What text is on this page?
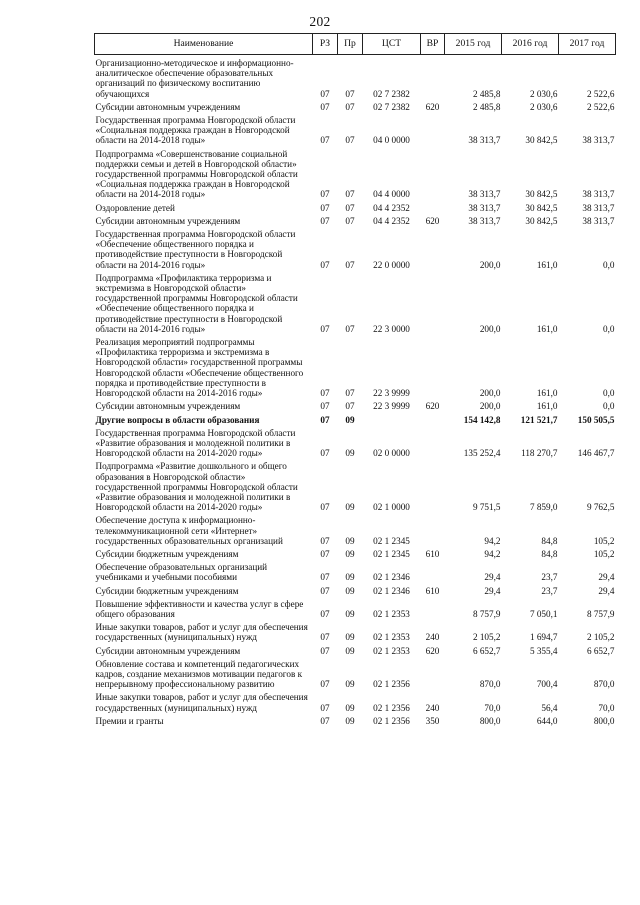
202
Наименование	РЗ	Пр	ЦСТ	ВР	2015 год	2016 год	2017 год
Организационно-методическое и информационно-аналитическое обеспечение образовательных организаций по физическому воспитанию обучающихся	07	07	02 7 2382		2 485,8	2 030,6	2 522,6
Субсидии автономным учреждениям	07	07	02 7 2382	620	2 485,8	2 030,6	2 522,6
Государственная программа Новгородской области «Социальная поддержка граждан в Новгородской области на 2014-2018 годы»	07	07	04 0 0000		38 313,7	30 842,5	38 313,7
Подпрограмма «Совершенствование социальной поддержки семьи и детей в Новгородской области» государственной программы Новгородской области «Социальная поддержка граждан в Новгородской области на 2014-2018 годы»	07	07	04 4 0000		38 313,7	30 842,5	38 313,7
Оздоровление детей	07	07	04 4 2352		38 313,7	30 842,5	38 313,7
Субсидии автономным учреждениям	07	07	04 4 2352	620	38 313,7	30 842,5	38 313,7
Государственная программа Новгородской области «Обеспечение общественного порядка и противодействие преступности в Новгородской области на 2014-2016 годы»	07	07	22 0 0000		200,0	161,0	0,0
Подпрограмма «Профилактика терроризма и экстремизма в Новгородской области» государственной программы Новгородской области «Обеспечение общественного порядка и противодействие преступности в Новгородской области на 2014-2016 годы»	07	07	22 3 0000		200,0	161,0	0,0
Реализация мероприятий подпрограммы «Профилактика терроризма и экстремизма в Новгородской области» государственной программы Новгородской области «Обеспечение общественного порядка и противодействие преступности в Новгородской области на 2014-2016 годы»	07	07	22 3 9999		200,0	161,0	0,0
Субсидии автономным учреждениям	07	07	22 3 9999	620	200,0	161,0	0,0
Другие вопросы в области образования	07	09			154 142,8	121 521,7	150 505,5
Государственная программа Новгородской области «Развитие образования и молодежной политики в Новгородской области на 2014-2020 годы»	07	09	02 0 0000		135 252,4	118 270,7	146 467,7
Подпрограмма «Развитие дошкольного и общего образования в Новгородской области» государственной программы Новгородской области «Развитие образования и молодежной политики в Новгородской области на 2014-2020 годы»	07	09	02 1 0000		9 751,5	7 859,0	9 762,5
Обеспечение доступа к информационно-телекоммуникационной сети «Интернет» государственных образовательных организаций	07	09	02 1 2345		94,2	84,8	105,2
Субсидии бюджетным учреждениям	07	09	02 1 2345	610	94,2	84,8	105,2
Обеспечение образовательных организаций учебниками и учебными пособиями	07	09	02 1 2346		29,4	23,7	29,4
Субсидии бюджетным учреждениям	07	09	02 1 2346	610	29,4	23,7	29,4
Повышение эффективности и качества услуг в сфере общего образования	07	09	02 1 2353		8 757,9	7 050,1	8 757,9
Иные закупки товаров, работ и услуг для обеспечения государственных (муниципальных) нужд	07	09	02 1 2353	240	2 105,2	1 694,7	2 105,2
Субсидии автономным учреждениям	07	09	02 1 2353	620	6 652,7	5 355,4	6 652,7
Обновление состава и компетенций педагогических кадров, создание механизмов мотивации педагогов к непрерывному профессиональному развитию	07	09	02 1 2356		870,0	700,4	870,0
Иные закупки товаров, работ и услуг для обеспечения государственных (муниципальных) нужд	07	09	02 1 2356	240	70,0	56,4	70,0
Премии и гранты	07	09	02 1 2356	350	800,0	644,0	800,0
